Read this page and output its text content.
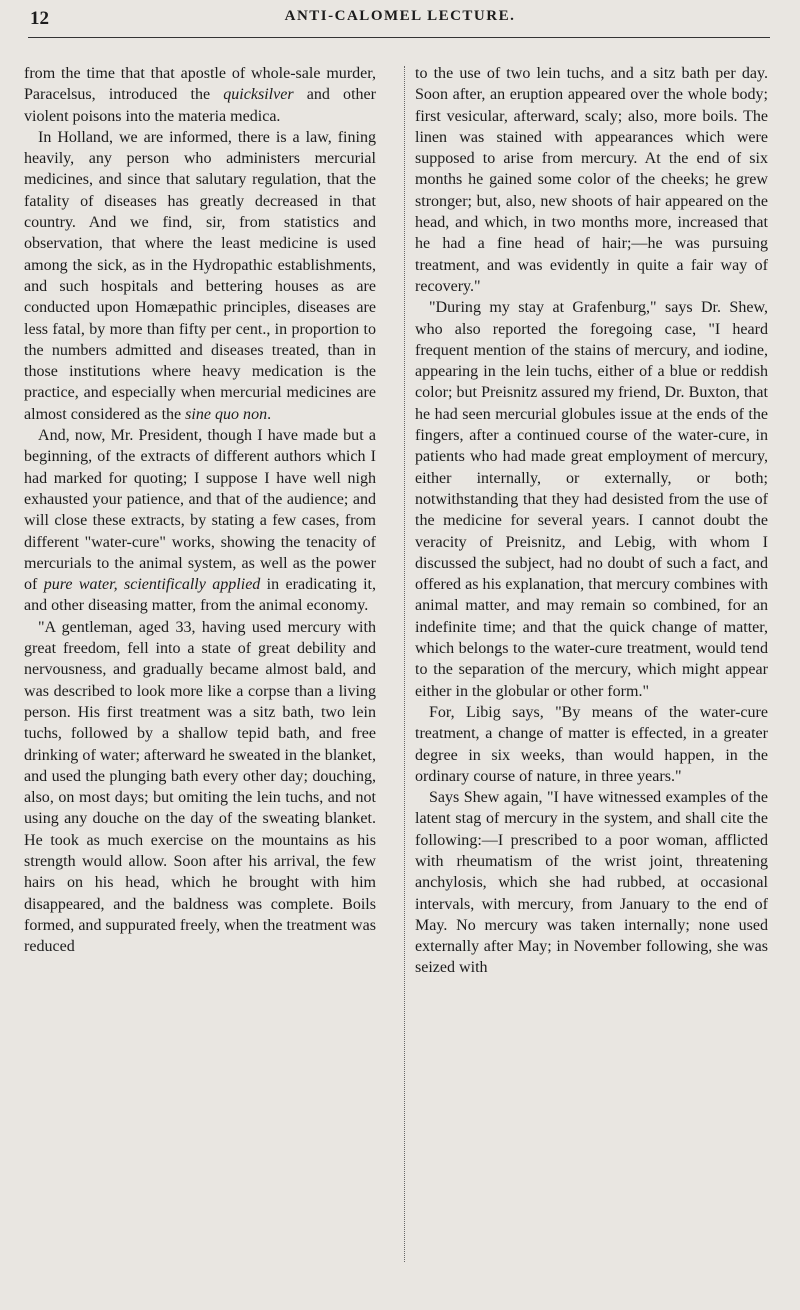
12	ANTI-CALOMEL LECTURE.

from the time that that apostle of whole-sale murder, Paracelsus, introduced the quicksilver and other violent poisons into the materia medica.

In Holland, we are informed, there is a law, fining heavily, any person who administers mercurial medicines, and since that salutary regulation, that the fatality of diseases has greatly decreased in that country. And we find, sir, from statistics and observation, that where the least medicine is used among the sick, as in the Hydropathic establishments, and such hospitals and bettering houses as are conducted upon Homæpathic principles, diseases are less fatal, by more than fifty per cent., in proportion to the numbers admitted and diseases treated, than in those institutions where heavy medication is the practice, and especially when mercurial medicines are almost considered as the sine quo non.

And, now, Mr. President, though I have made but a beginning, of the extracts of different authors which I had marked for quoting; I suppose I have well nigh exhausted your patience, and that of the audience; and will close these extracts, by stating a few cases, from different "water-cure" works, showing the tenacity of mercurials to the animal system, as well as the power of pure water, scientifically applied in eradicating it, and other diseasing matter, from the animal economy.

"A gentleman, aged 33, having used mercury with great freedom, fell into a state of great debility and nervousness, and gradually became almost bald, and was described to look more like a corpse than a living person. His first treatment was a sitz bath, two lein tuchs, followed by a shallow tepid bath, and free drinking of water; afterward he sweated in the blanket, and used the plunging bath every other day; douching, also, on most days; but omiting the lein tuchs, and not using any douche on the day of the sweating blanket. He took as much exercise on the mountains as his strength would allow. Soon after his arrival, the few hairs on his head, which he brought with him disappeared, and the baldness was complete. Boils formed, and suppurated freely, when the treatment was reduced

to the use of two lein tuchs, and a sitz bath per day. Soon after, an eruption appeared over the whole body; first vesicular, afterward, scaly; also, more boils. The linen was stained with appearances which were supposed to arise from mercury. At the end of six months he gained some color of the cheeks; he grew stronger; but, also, new shoots of hair appeared on the head, and which, in two months more, increased that he had a fine head of hair;—he was pursuing treatment, and was evidently in quite a fair way of recovery."

"During my stay at Grafenburg," says Dr. Shew, who also reported the foregoing case, "I heard frequent mention of the stains of mercury, and iodine, appearing in the lein tuchs, either of a blue or reddish color; but Preisnitz assured my friend, Dr. Buxton, that he had seen mercurial globules issue at the ends of the fingers, after a continued course of the water-cure, in patients who had made great employment of mercury, either internally, or externally, or both; notwithstanding that they had desisted from the use of the medicine for several years. I cannot doubt the veracity of Preisnitz, and Lebig, with whom I discussed the subject, had no doubt of such a fact, and offered as his explanation, that mercury combines with animal matter, and may remain so combined, for an indefinite time; and that the quick change of matter, which belongs to the water-cure treatment, would tend to the separation of the mercury, which might appear either in the globular or other form."

For, Libig says, "By means of the water-cure treatment, a change of matter is effected, in a greater degree in six weeks, than would happen, in the ordinary course of nature, in three years."

Says Shew again, "I have witnessed examples of the latent stag of mercury in the system, and shall cite the following:—I prescribed to a poor woman, afflicted with rheumatism of the wrist joint, threatening anchylosis, which she had rubbed, at occasional intervals, with mercury, from January to the end of May. No mercury was taken internally; none used externally after May; in November following, she was seized with
